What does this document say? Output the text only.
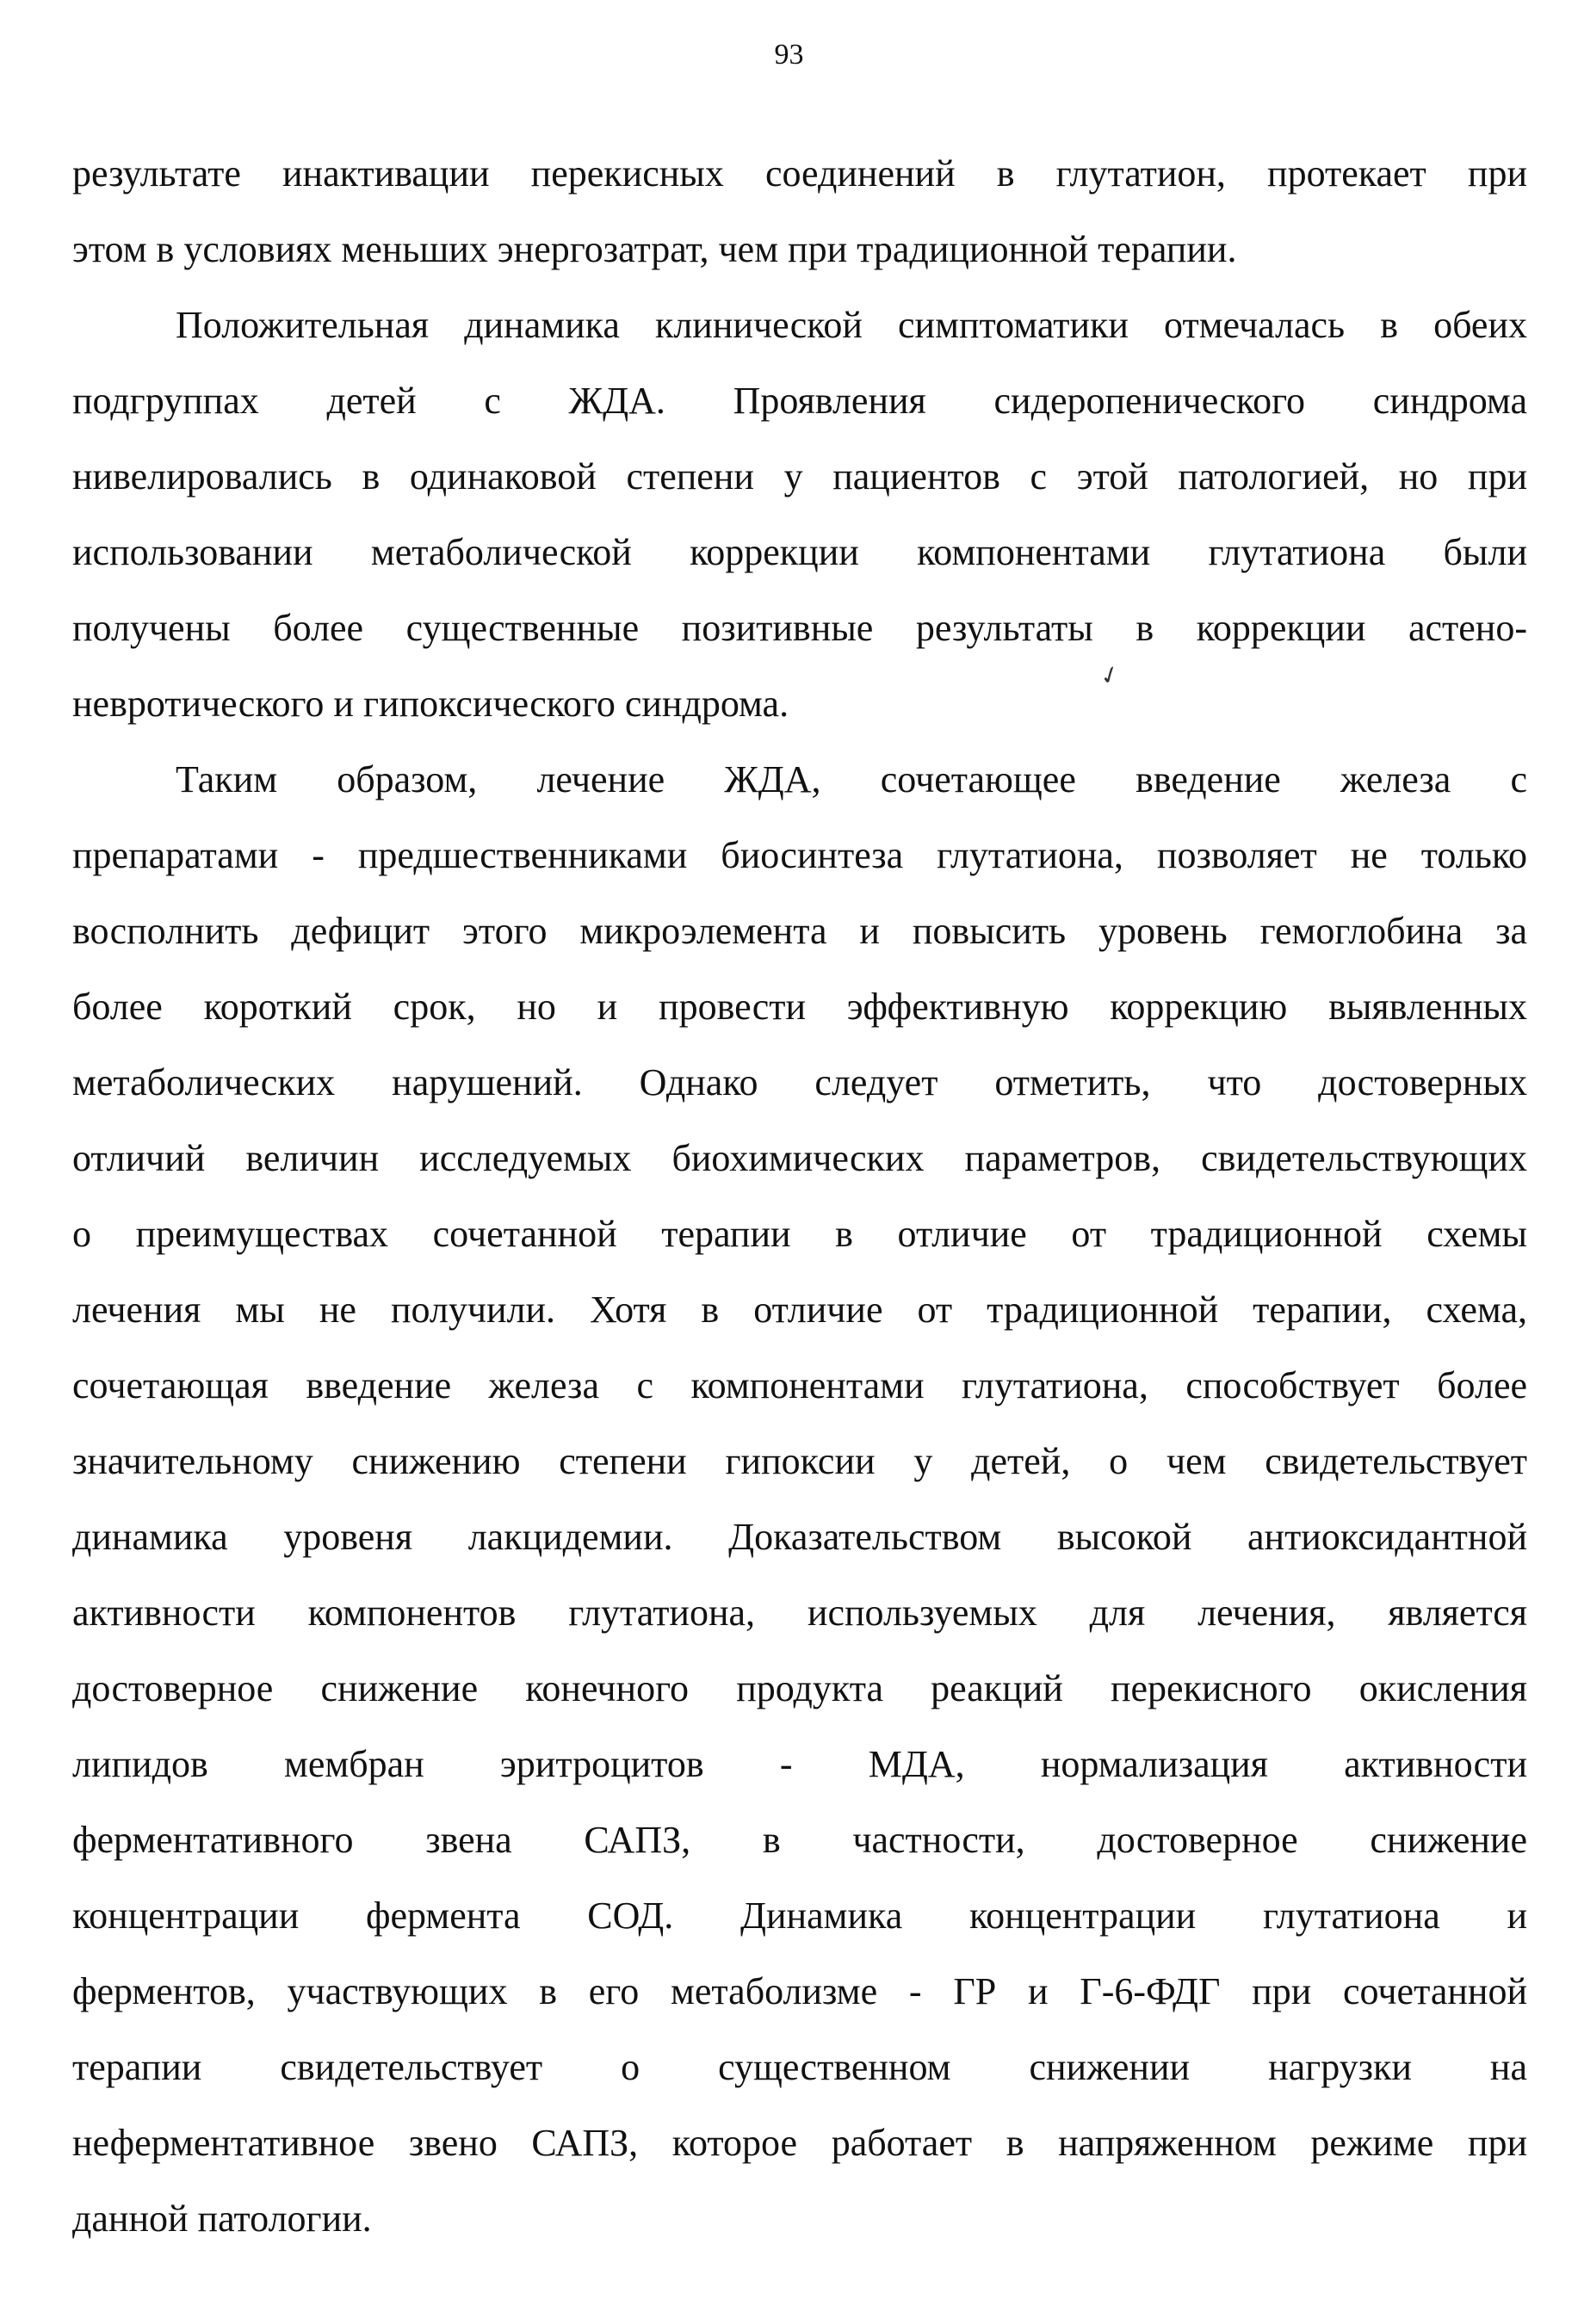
93
результате инактивации перекисных соединений в глутатион, протекает при
этом в условиях меньших энергозатрат, чем при традиционной терапии.
Положительная динамика клинической симптоматики отмечалась в обеих
подгруппах детей с ЖДА. Проявления сидеропенического синдрома
нивелировались в одинаковой степени у пациентов с этой патологией, но при
использовании метаболической коррекции компонентами глутатиона были
получены более существенные позитивные результаты в коррекции астено-
невротического и гипоксического синдрома.
Таким образом, лечение ЖДА, сочетающее введение железа с
препаратами - предшественниками биосинтеза глутатиона, позволяет не только
восполнить дефицит этого микроэлемента и повысить уровень гемоглобина за
более короткий срок, но и провести эффективную коррекцию выявленных
метаболических нарушений. Однако следует отметить, что достоверных
отличий величин исследуемых биохимических параметров, свидетельствующих
о преимуществах сочетанной терапии в отличие от традиционной схемы
лечения мы не получили. Хотя в отличие от традиционной терапии, схема,
сочетающая введение железа с компонентами глутатиона, способствует более
значительному снижению степени гипоксии у детей, о чем свидетельствует
динамика уровеня лакцидемии. Доказательством высокой антиоксидантной
активности компонентов глутатиона, используемых для лечения, является
достоверное снижение конечного продукта реакций перекисного окисления
липидов мембран эритроцитов - МДА, нормализация активности
ферментативного звена САПЗ, в частности, достоверное снижение
концентрации фермента СОД. Динамика концентрации глутатиона и
ферментов, участвующих в его метаболизме - ГР и Г-6-ФДГ при сочетанной
терапии свидетельствует о существенном снижении нагрузки на
неферментативное звено САПЗ, которое работает в напряженном режиме при
данной патологии.
✓
